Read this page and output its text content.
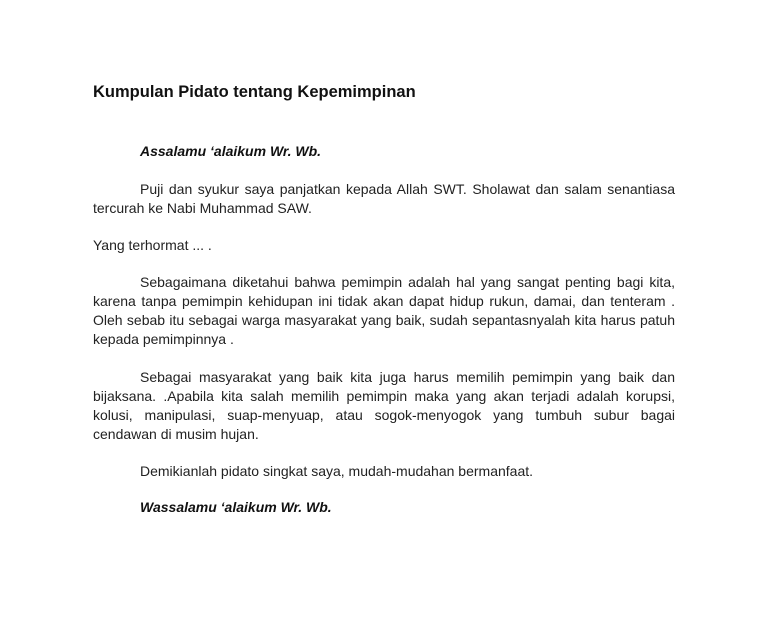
Kumpulan Pidato tentang Kepemimpinan

Assalamu ‘alaikum Wr. Wb.

Puji dan syukur saya panjatkan kepada Allah SWT. Sholawat dan salam senantiasa tercurah ke Nabi Muhammad SAW.

Yang terhormat ... .

Sebagaimana diketahui bahwa pemimpin adalah hal yang sangat penting bagi kita, karena tanpa pemimpin kehidupan ini tidak akan dapat hidup rukun, damai, dan tenteram . Oleh sebab itu sebagai warga masyarakat yang baik, sudah sepantasnyalah kita harus patuh kepada pemimpinnya .

Sebagai masyarakat yang baik kita juga harus memilih pemimpin yang baik dan bijaksana. .Apabila kita salah memilih pemimpin maka yang akan terjadi adalah korupsi, kolusi, manipulasi, suap-menyuap, atau sogok-menyogok yang tumbuh subur bagai cendawan di musim hujan.

Demikianlah pidato singkat saya, mudah-mudahan bermanfaat.

Wassalamu ‘alaikum Wr. Wb.
